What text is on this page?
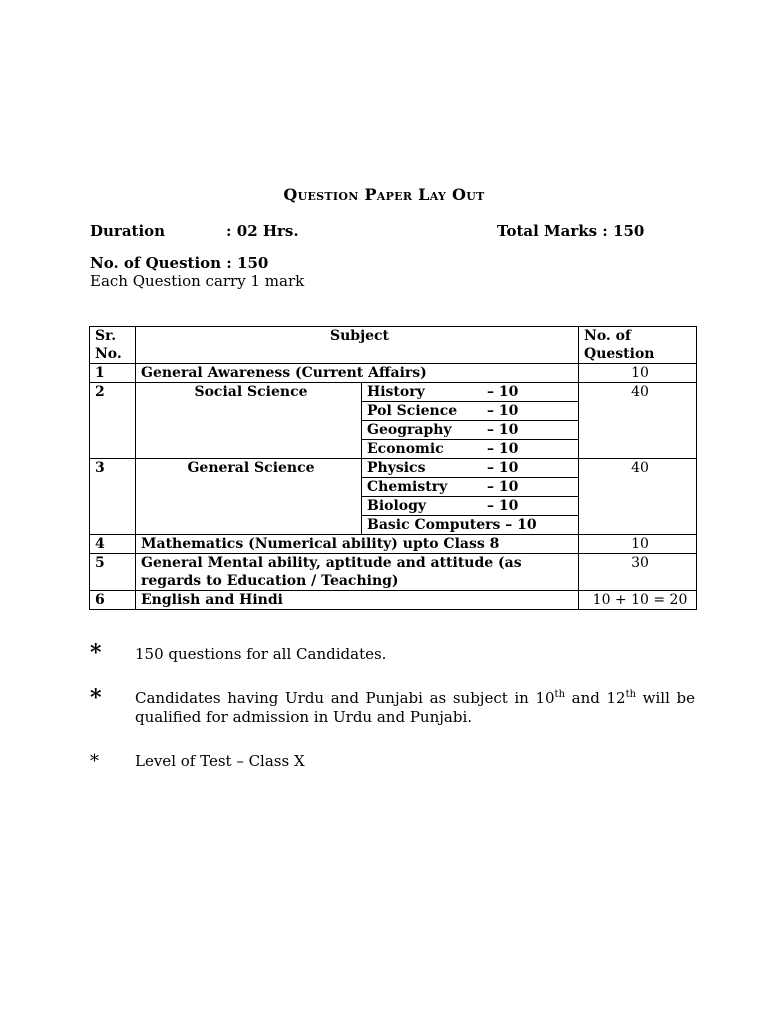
Question Paper Lay Out
Duration	: 02 Hrs.	Total Marks : 150
No. of Question : 150
Each Question carry 1 mark
Sr. No.	Subject		No. of Question
1	General Awareness (Current Affairs)		10
2	Social Science	History – 10	40
		Pol Science – 10	
		Geography – 10	
		Economic – 10	
3	General Science	Physics – 10	40
		Chemistry – 10	
		Biology – 10	
		Basic Computers – 10	
4	Mathematics (Numerical ability) upto Class 8		10
5	General Mental ability, aptitude and attitude (as regards to Education / Teaching)		30
6	English and Hindi		10 + 10 = 20
* 150 questions for all Candidates.
* Candidates having Urdu and Punjabi as subject in 10th and 12th will be qualified for admission in Urdu and Punjabi.
* Level of Test – Class X
